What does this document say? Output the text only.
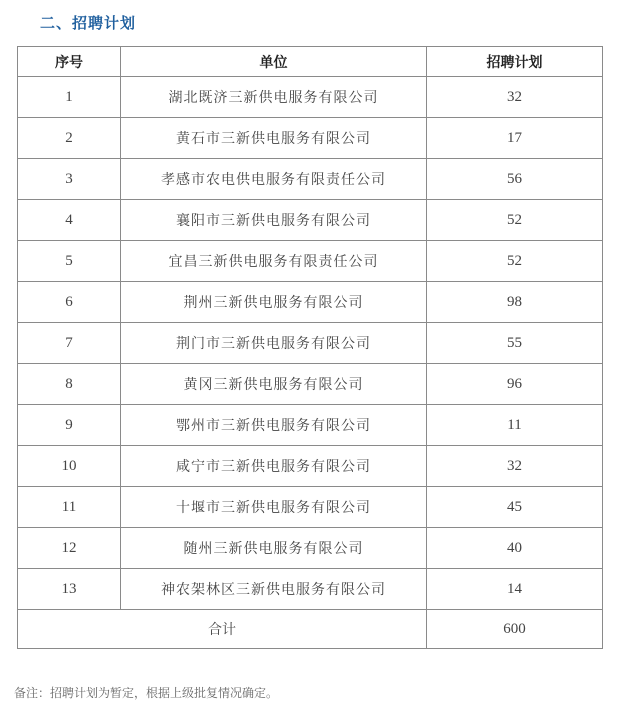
二、招聘计划
序号	单位	招聘计划
1	湖北既济三新供电服务有限公司	32
2	黄石市三新供电服务有限公司	17
3	孝感市农电供电服务有限责任公司	56
4	襄阳市三新供电服务有限公司	52
5	宜昌三新供电服务有限责任公司	52
6	荆州三新供电服务有限公司	98
7	荆门市三新供电服务有限公司	55
8	黄冈三新供电服务有限公司	96
9	鄂州市三新供电服务有限公司	11
10	咸宁市三新供电服务有限公司	32
11	十堰市三新供电服务有限公司	45
12	随州三新供电服务有限公司	40
13	神农架林区三新供电服务有限公司	14
合计		600
备注：招聘计划为暂定，根据上级批复情况确定。
